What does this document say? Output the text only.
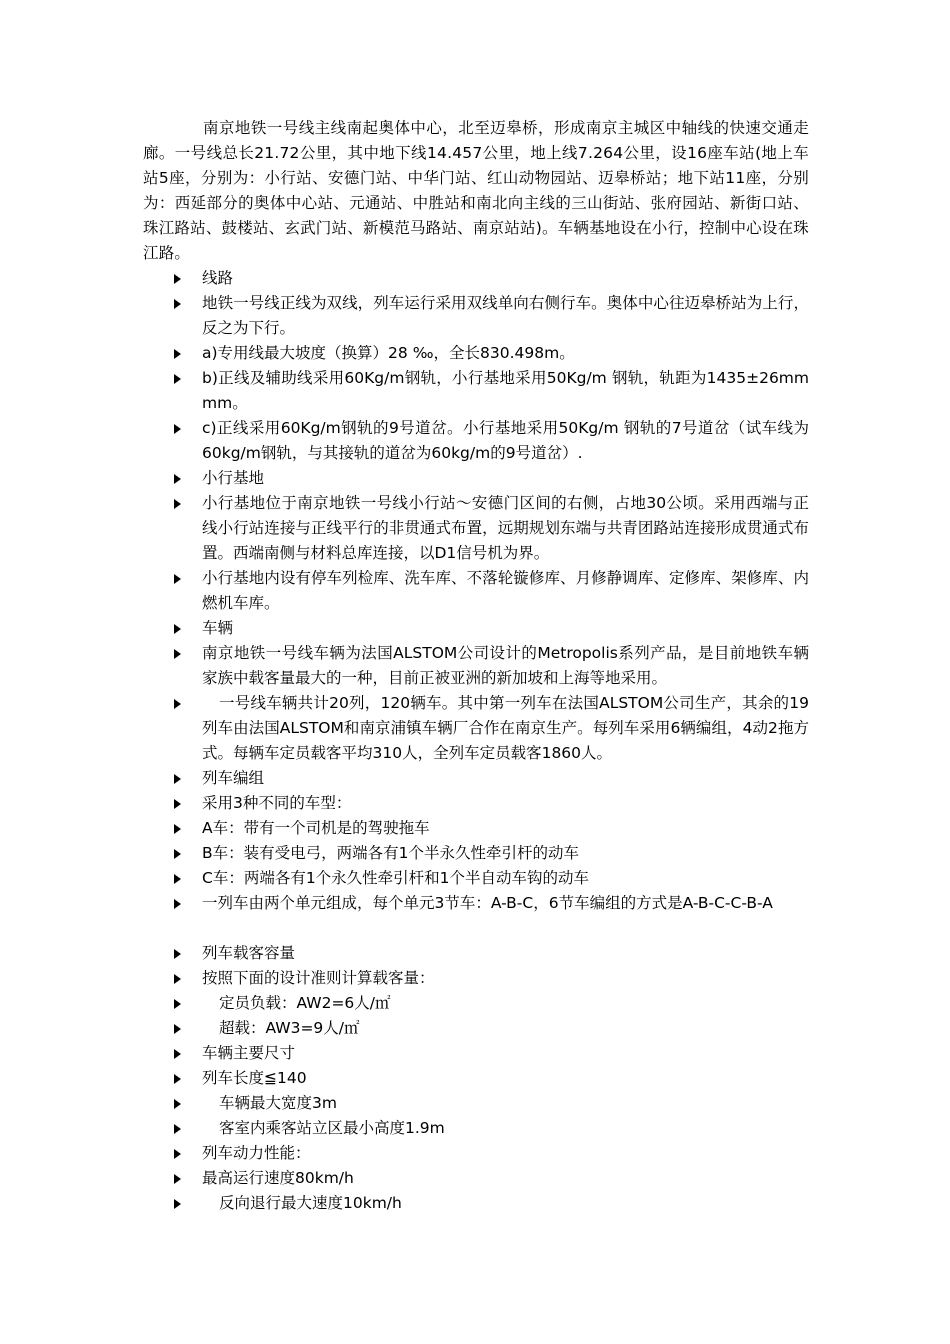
南京地铁一号线主线南起奥体中心，北至迈皋桥，形成南京主城区中轴线的快速交通走廊。一号线总长21.72公里，其中地下线14.457公里，地上线7.264公里，设16座车站(地上车站5座，分别为：小行站、安德门站、中华门站、红山动物园站、迈皋桥站；地下站11座，分别为：西延部分的奥体中心站、元通站、中胜站和南北向主线的三山街站、张府园站、新街口站、珠江路站、鼓楼站、玄武门站、新模范马路站、南京站站)。车辆基地设在小行，控制中心设在珠江路。

线路
地铁一号线正线为双线，列车运行采用双线单向右侧行车。奥体中心往迈皋桥站为上行，反之为下行。
a)专用线最大坡度（换算）28 ‰，全长830.498m。
b)正线及辅助线采用60Kg/m钢轨，小行基地采用50Kg/m 钢轨，轨距为1435±26mm mm。
c)正线采用60Kg/m钢轨的9号道岔。小行基地采用50Kg/m 钢轨的7号道岔（试车线为60kg/m钢轨，与其接轨的道岔为60kg/m的9号道岔）.
小行基地
小行基地位于南京地铁一号线小行站～安德门区间的右侧，占地30公顷。采用西端与正线小行站连接与正线平行的非贯通式布置，远期规划东端与共青团路站连接形成贯通式布置。西端南侧与材料总库连接，以D1信号机为界。
小行基地内设有停车列检库、洗车库、不落轮镟修库、月修静调库、定修库、架修库、内燃机车库。
车辆
南京地铁一号线车辆为法国ALSTOM公司设计的Metropolis系列产品，是目前地铁车辆家族中载客量最大的一种，目前正被亚洲的新加坡和上海等地采用。
一号线车辆共计20列，120辆车。其中第一列车在法国ALSTOM公司生产，其余的19列车由法国ALSTOM和南京浦镇车辆厂合作在南京生产。每列车采用6辆编组，4动2拖方式。每辆车定员载客平均310人，全列车定员载客1860人。
列车编组
采用3种不同的车型：
A车：带有一个司机是的驾驶拖车
B车：装有受电弓，两端各有1个半永久性牵引杆的动车
C车：两端各有1个永久性牵引杆和1个半自动车钩的动车
一列车由两个单元组成，每个单元3节车：A-B-C，6节车编组的方式是A-B-C-C-B-A
列车载客容量
按照下面的设计准则计算载客量：
定员负载：AW2=6人/㎡
超载：AW3=9人/㎡
车辆主要尺寸
列车长度≦140
车辆最大宽度3m
客室内乘客站立区最小高度1.9m
列车动力性能：
最高运行速度80km/h
反向退行最大速度10km/h
